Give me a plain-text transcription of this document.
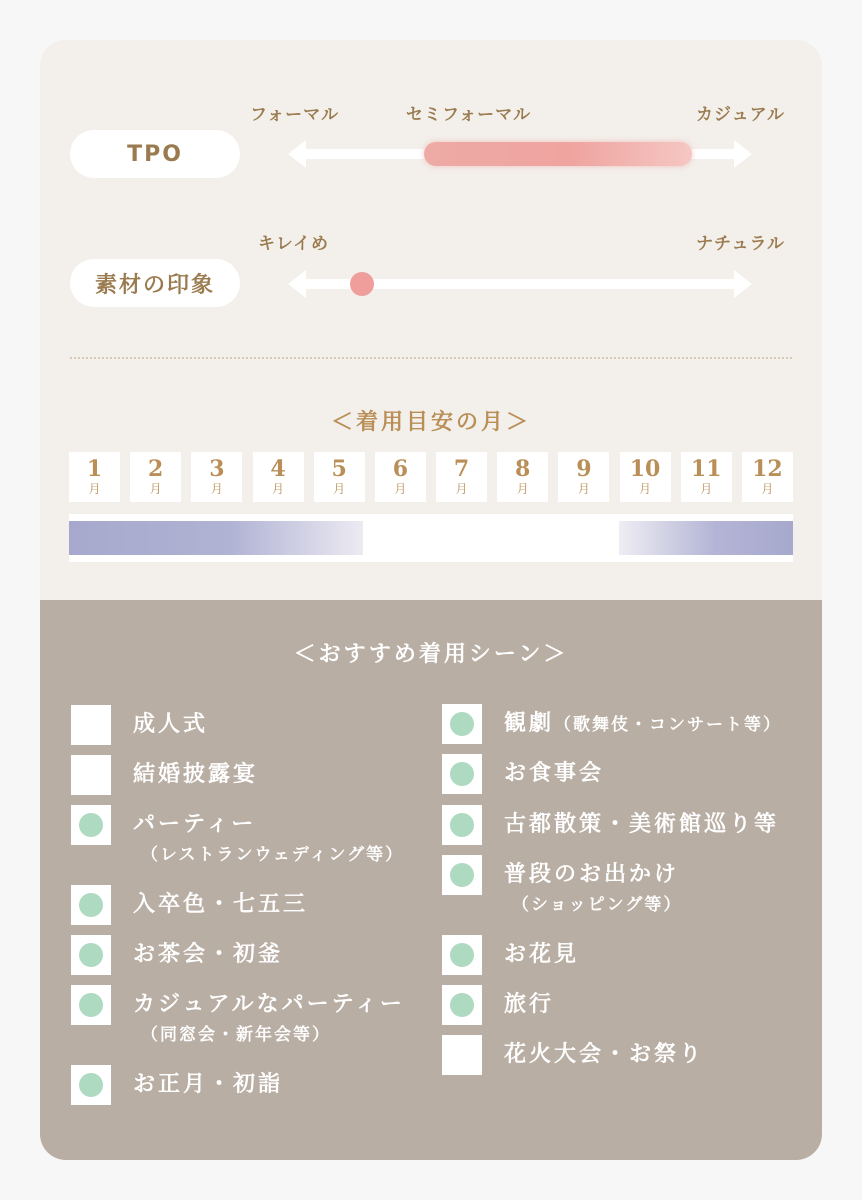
フォーマル	セミフォーマル	カジュアル
TPO
キレイめ	ナチュラル
素材の印象
＜着用目安の月＞
1
月
2
月
3
月
4
月
5
月
6
月
7
月
8
月
9
月
10
月
11
月
12
月
＜おすすめ着用シーン＞
成人式
結婚披露宴
パーティー
（レストランウェディング等）
入卒色・七五三
お茶会・初釜
カジュアルなパーティー
（同窓会・新年会等）
お正月・初詣
観劇（歌舞伎・コンサート等）
お食事会
古都散策・美術館巡り等
普段のお出かけ
（ショッピング等）
お花見
旅行
花火大会・お祭り
